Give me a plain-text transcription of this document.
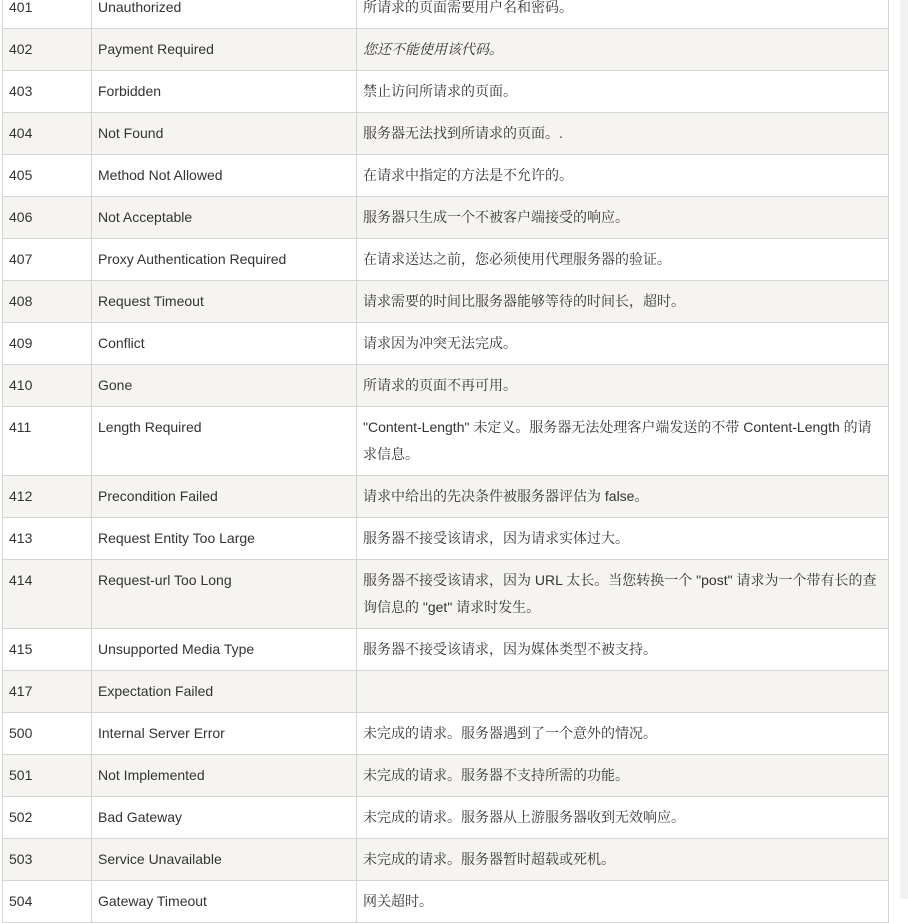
401	Unauthorized	所请求的页面需要用户名和密码。
402	Payment Required	您还不能使用该代码。
403	Forbidden	禁止访问所请求的页面。
404	Not Found	服务器无法找到所请求的页面。.
405	Method Not Allowed	在请求中指定的方法是不允许的。
406	Not Acceptable	服务器只生成一个不被客户端接受的响应。
407	Proxy Authentication Required	在请求送达之前，您必须使用代理服务器的验证。
408	Request Timeout	请求需要的时间比服务器能够等待的时间长，超时。
409	Conflict	请求因为冲突无法完成。
410	Gone	所请求的页面不再可用。
411	Length Required	"Content-Length" 未定义。服务器无法处理客户端发送的不带 Content-Length 的请求信息。
412	Precondition Failed	请求中给出的先决条件被服务器评估为 false。
413	Request Entity Too Large	服务器不接受该请求，因为请求实体过大。
414	Request-url Too Long	服务器不接受该请求，因为 URL 太长。当您转换一个 "post" 请求为一个带有长的查询信息的 "get" 请求时发生。
415	Unsupported Media Type	服务器不接受该请求，因为媒体类型不被支持。
417	Expectation Failed	
500	Internal Server Error	未完成的请求。服务器遇到了一个意外的情况。
501	Not Implemented	未完成的请求。服务器不支持所需的功能。
502	Bad Gateway	未完成的请求。服务器从上游服务器收到无效响应。
503	Service Unavailable	未完成的请求。服务器暂时超载或死机。
504	Gateway Timeout	网关超时。
